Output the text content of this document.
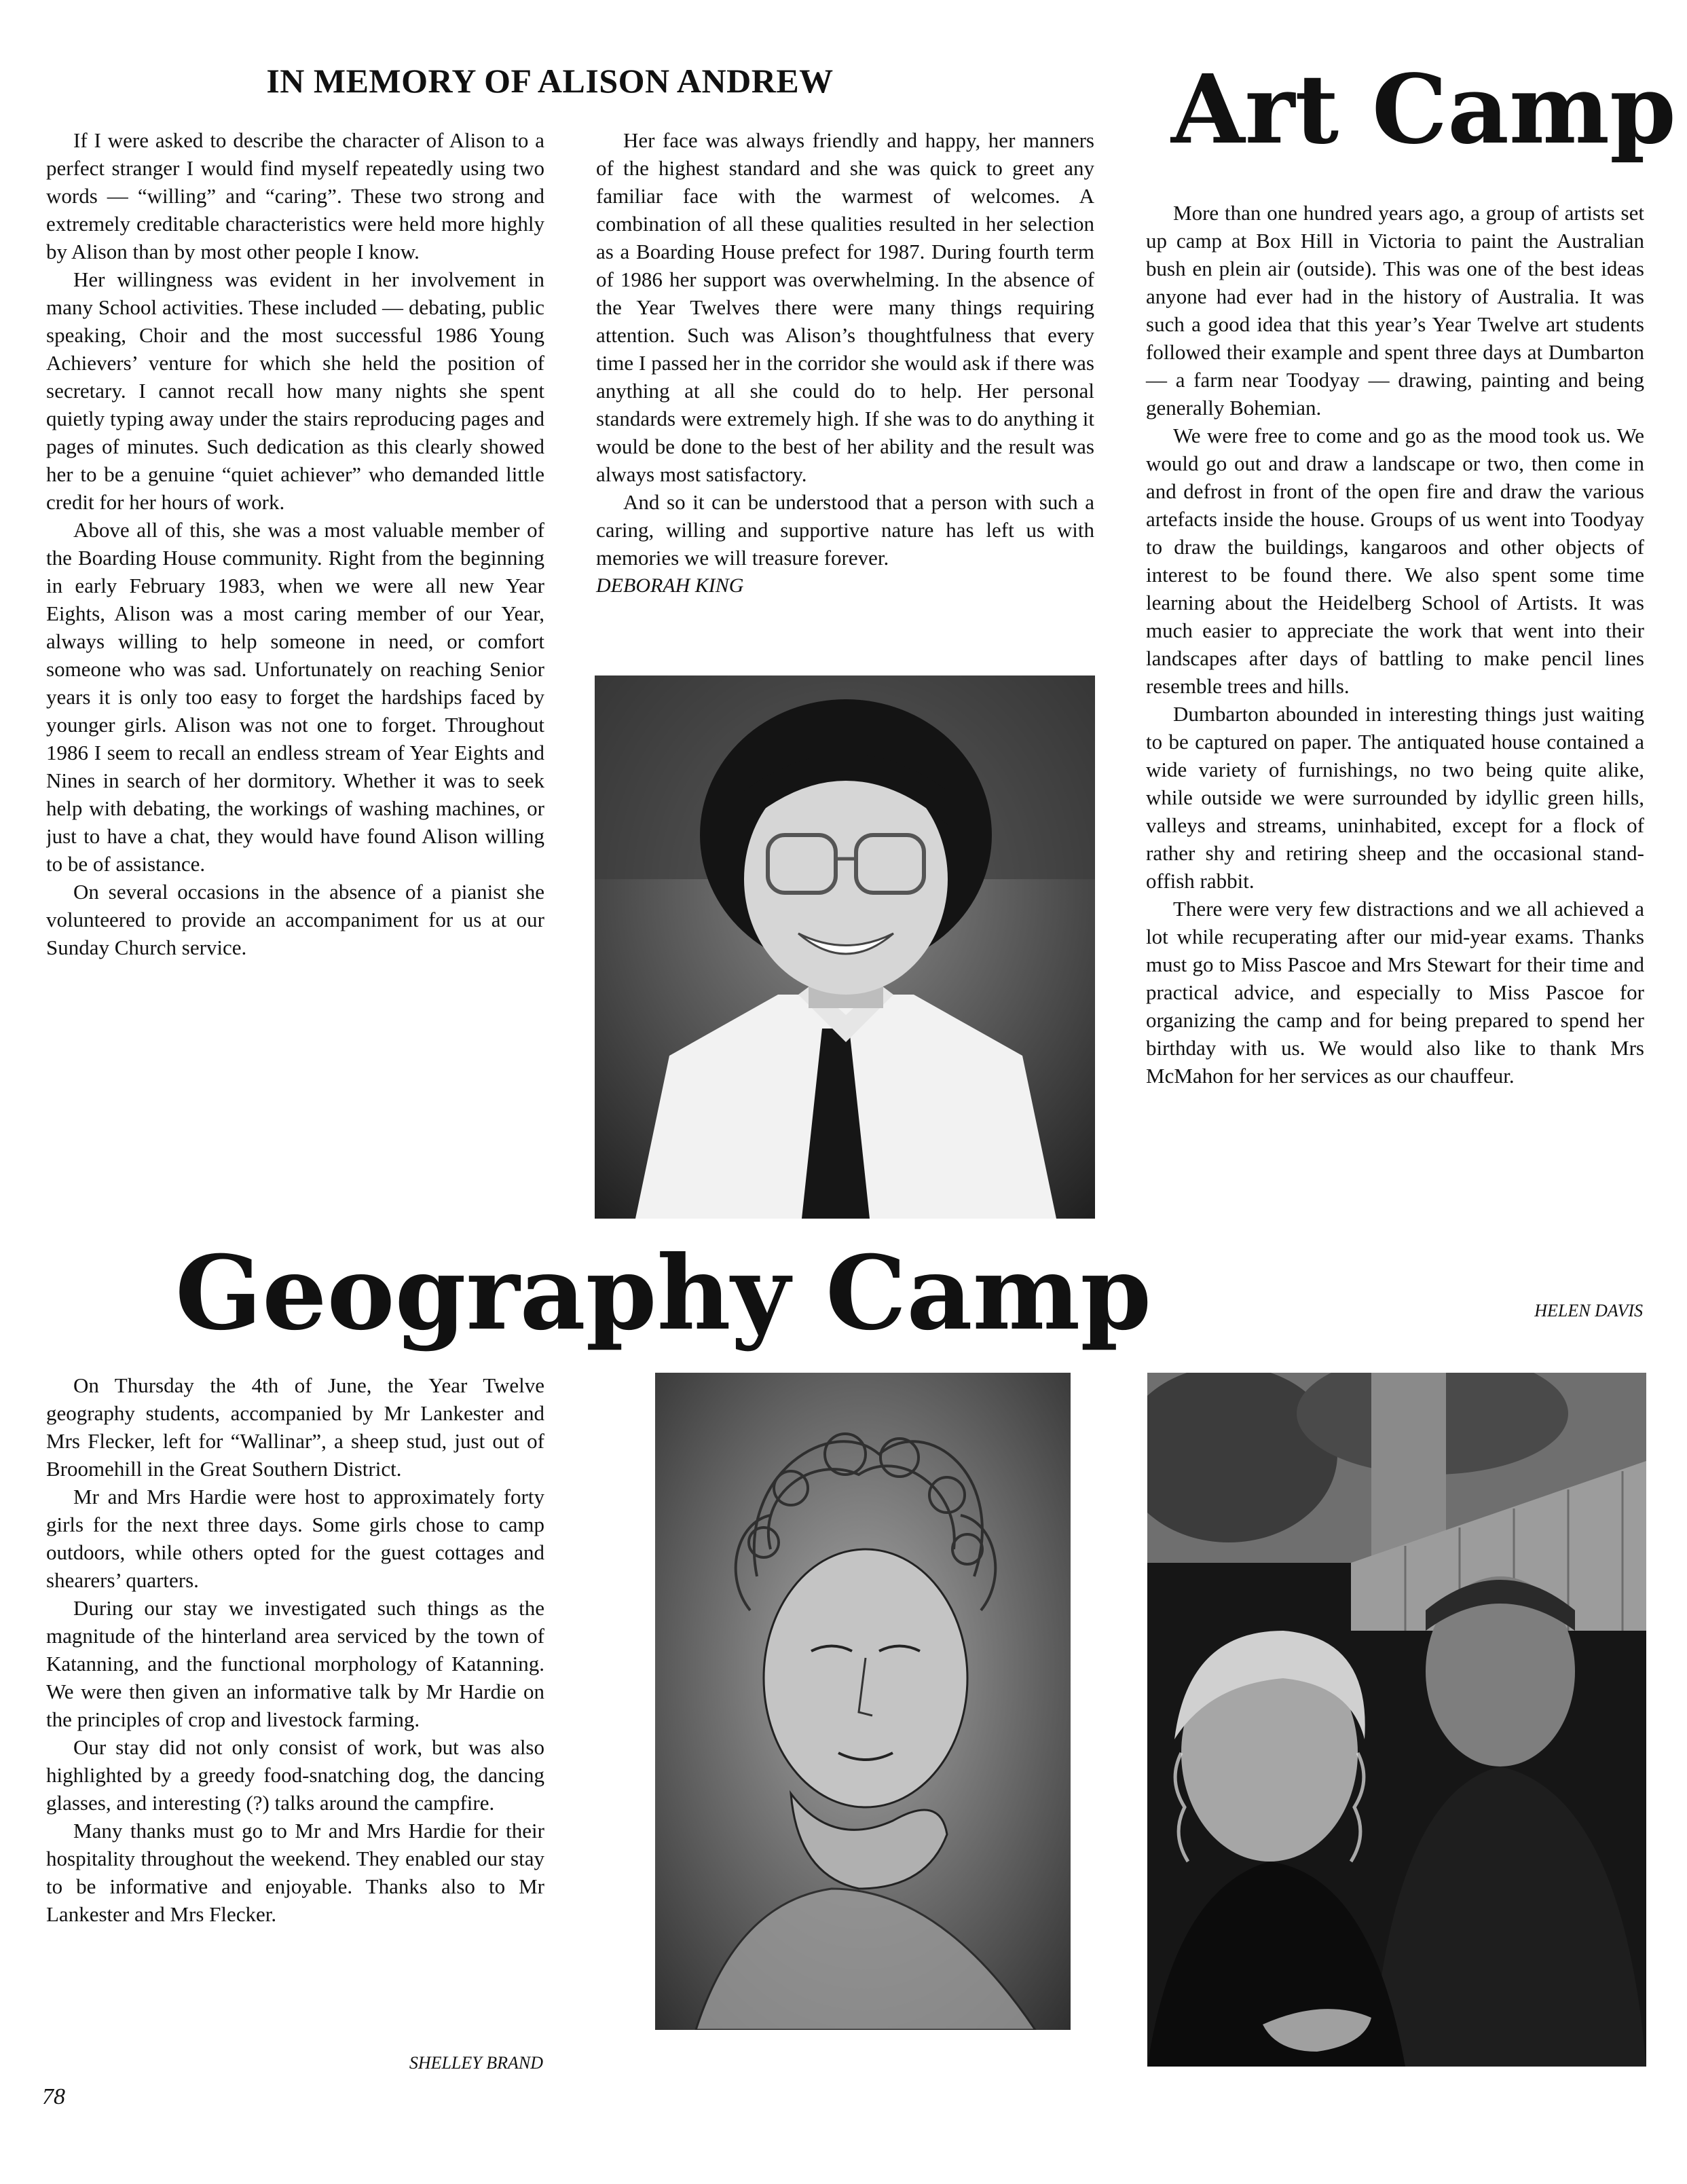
IN MEMORY OF ALISON ANDREW

If I were asked to describe the character of Alison to a perfect stranger I would find myself repeatedly using two words — “willing” and “caring”. These two strong and extremely creditable characteristics were held more highly by Alison than by most other people I know.

Her willingness was evident in her involvement in many School activities. These included — debating, public speaking, Choir and the most successful 1986 Young Achievers’ venture for which she held the position of secretary. I cannot recall how many nights she spent quietly typing away under the stairs reproducing pages and pages of minutes. Such dedication as this clearly showed her to be a genuine “quiet achiever” who demanded little credit for her hours of work.

Above all of this, she was a most valuable member of the Boarding House community. Right from the beginning in early February 1983, when we were all new Year Eights, Alison was a most caring member of our Year, always willing to help someone in need, or comfort someone who was sad. Unfortunately on reaching Senior years it is only too easy to forget the hardships faced by younger girls. Alison was not one to forget. Throughout 1986 I seem to recall an endless stream of Year Eights and Nines in search of her dormitory. Whether it was to seek help with debating, the workings of washing machines, or just to have a chat, they would have found Alison willing to be of assistance.

On several occasions in the absence of a pianist she volunteered to provide an accompaniment for us at our Sunday Church service.

Her face was always friendly and happy, her manners of the highest standard and she was quick to greet any familiar face with the warmest of welcomes. A combination of all these qualities resulted in her selection as a Boarding House prefect for 1987. During fourth term of 1986 her support was overwhelming. In the absence of the Year Twelves there were many things requiring attention. Such was Alison’s thoughtfulness that every time I passed her in the corridor she would ask if there was anything at all she could do to help. Her personal standards were extremely high. If she was to do anything it would be done to the best of her ability and the result was always most satisfactory.

And so it can be understood that a person with such a caring, willing and supportive nature has left us with memories we will treasure forever.

DEBORAH KING
Art Camp

More than one hundred years ago, a group of artists set up camp at Box Hill in Victoria to paint the Australian bush en plein air (outside). This was one of the best ideas anyone had ever had in the history of Australia. It was such a good idea that this year’s Year Twelve art students followed their example and spent three days at Dumbarton — a farm near Toodyay — drawing, painting and being generally Bohemian.

We were free to come and go as the mood took us. We would go out and draw a landscape or two, then come in and defrost in front of the open fire and draw the various artefacts inside the house. Groups of us went into Toodyay to draw the buildings, kangaroos and other objects of interest to be found there. We also spent some time learning about the Heidelberg School of Artists. It was much easier to appreciate the work that went into their landscapes after days of battling to make pencil lines resemble trees and hills.

Dumbarton abounded in interesting things just waiting to be captured on paper. The antiquated house contained a wide variety of furnishings, no two being quite alike, while outside we were surrounded by idyllic green hills, valleys and streams, uninhabited, except for a flock of rather shy and retiring sheep and the occasional stand-offish rabbit.

There were very few distractions and we all achieved a lot while recuperating after our mid-year exams. Thanks must go to Miss Pascoe and Mrs Stewart for their time and practical advice, and especially to Miss Pascoe for organizing the camp and for being prepared to spend her birthday with us. We would also like to thank Mrs McMahon for her services as our chauffeur.

HELEN DAVIS
Geography Camp

On Thursday the 4th of June, the Year Twelve geography students, accompanied by Mr Lankester and Mrs Flecker, left for “Wallinar”, a sheep stud, just out of Broomehill in the Great Southern District.

Mr and Mrs Hardie were host to approximately forty girls for the next three days. Some girls chose to camp outdoors, while others opted for the guest cottages and shearers’ quarters.

During our stay we investigated such things as the magnitude of the hinterland area serviced by the town of Katanning, and the functional morphology of Katanning. We were then given an informative talk by Mr Hardie on the principles of crop and livestock farming.

Our stay did not only consist of work, but was also highlighted by a greedy food-snatching dog, the dancing glasses, and interesting (?) talks around the campfire.

Many thanks must go to Mr and Mrs Hardie for their hospitality throughout the weekend. They enabled our stay to be informative and enjoyable. Thanks also to Mr Lankester and Mrs Flecker.

SHELLEY BRAND
78
